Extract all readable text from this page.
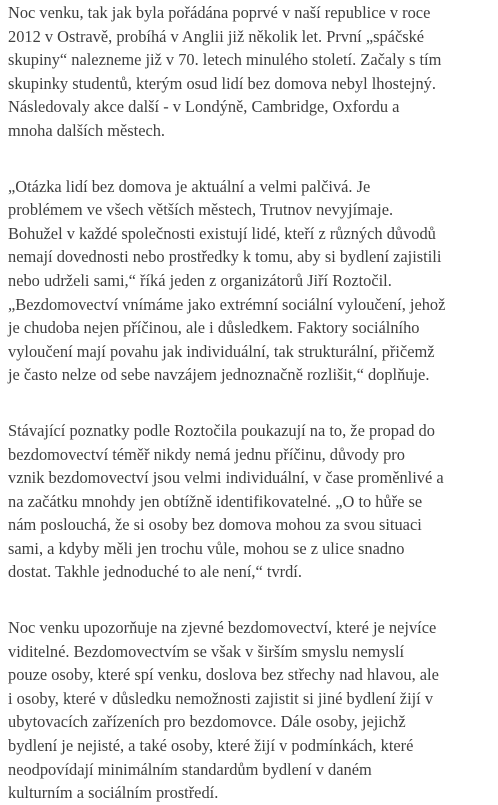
Noc venku, tak jak byla pořádána poprvé v naší republice v roce
2012 v Ostravě, probíhá v Anglii již několik let. První „spáčské
skupiny“ nalezneme již v 70. letech minulého století. Začaly s tím
skupinky studentů, kterým osud lidí bez domova nebyl lhostejný.
Následovaly akce další - v Londýně, Cambridge, Oxfordu a
mnoha dalších městech.

„Otázka lidí bez domova je aktuální a velmi palčivá. Je
problémem ve všech větších městech, Trutnov nevyjímaje.
Bohužel v každé společnosti existují lidé, kteří z různých důvodů
nemají dovednosti nebo prostředky k tomu, aby si bydlení zajistili
nebo udrželi sami,“ říká jeden z organizátorů Jiří Roztočil.
„Bezdomovectví vnímáme jako extrémní sociální vyloučení, jehož
je chudoba nejen příčinou, ale i důsledkem. Faktory sociálního
vyloučení mají povahu jak individuální, tak strukturální, přičemž
je často nelze od sebe navzájem jednoznačně rozlišit,“ doplňuje.

Stávající poznatky podle Roztočila poukazují na to, že propad do
bezdomovectví téměř nikdy nemá jednu příčinu, důvody pro
vznik bezdomovectví jsou velmi individuální, v čase proměnlivé a
na začátku mnohdy jen obtížně identifikovatelné. „O to hůře se
nám poslouchá, že si osoby bez domova mohou za svou situaci
sami, a kdyby měli jen trochu vůle, mohou se z ulice snadno
dostat. Takhle jednoduché to ale není,“ tvrdí.

Noc venku upozorňuje na zjevné bezdomovectví, které je nejvíce
viditelné. Bezdomovectvím se však v širším smyslu nemyslí
pouze osoby, které spí venku, doslova bez střechy nad hlavou, ale
i osoby, které v důsledku nemožnosti zajistit si jiné bydlení žijí v
ubytovacích zařízeních pro bezdomovce. Dále osoby, jejichž
bydlení je nejisté, a také osoby, které žijí v podmínkách, které
neodpovídají minimálním standardům bydlení v daném
kulturním a sociálním prostředí.
